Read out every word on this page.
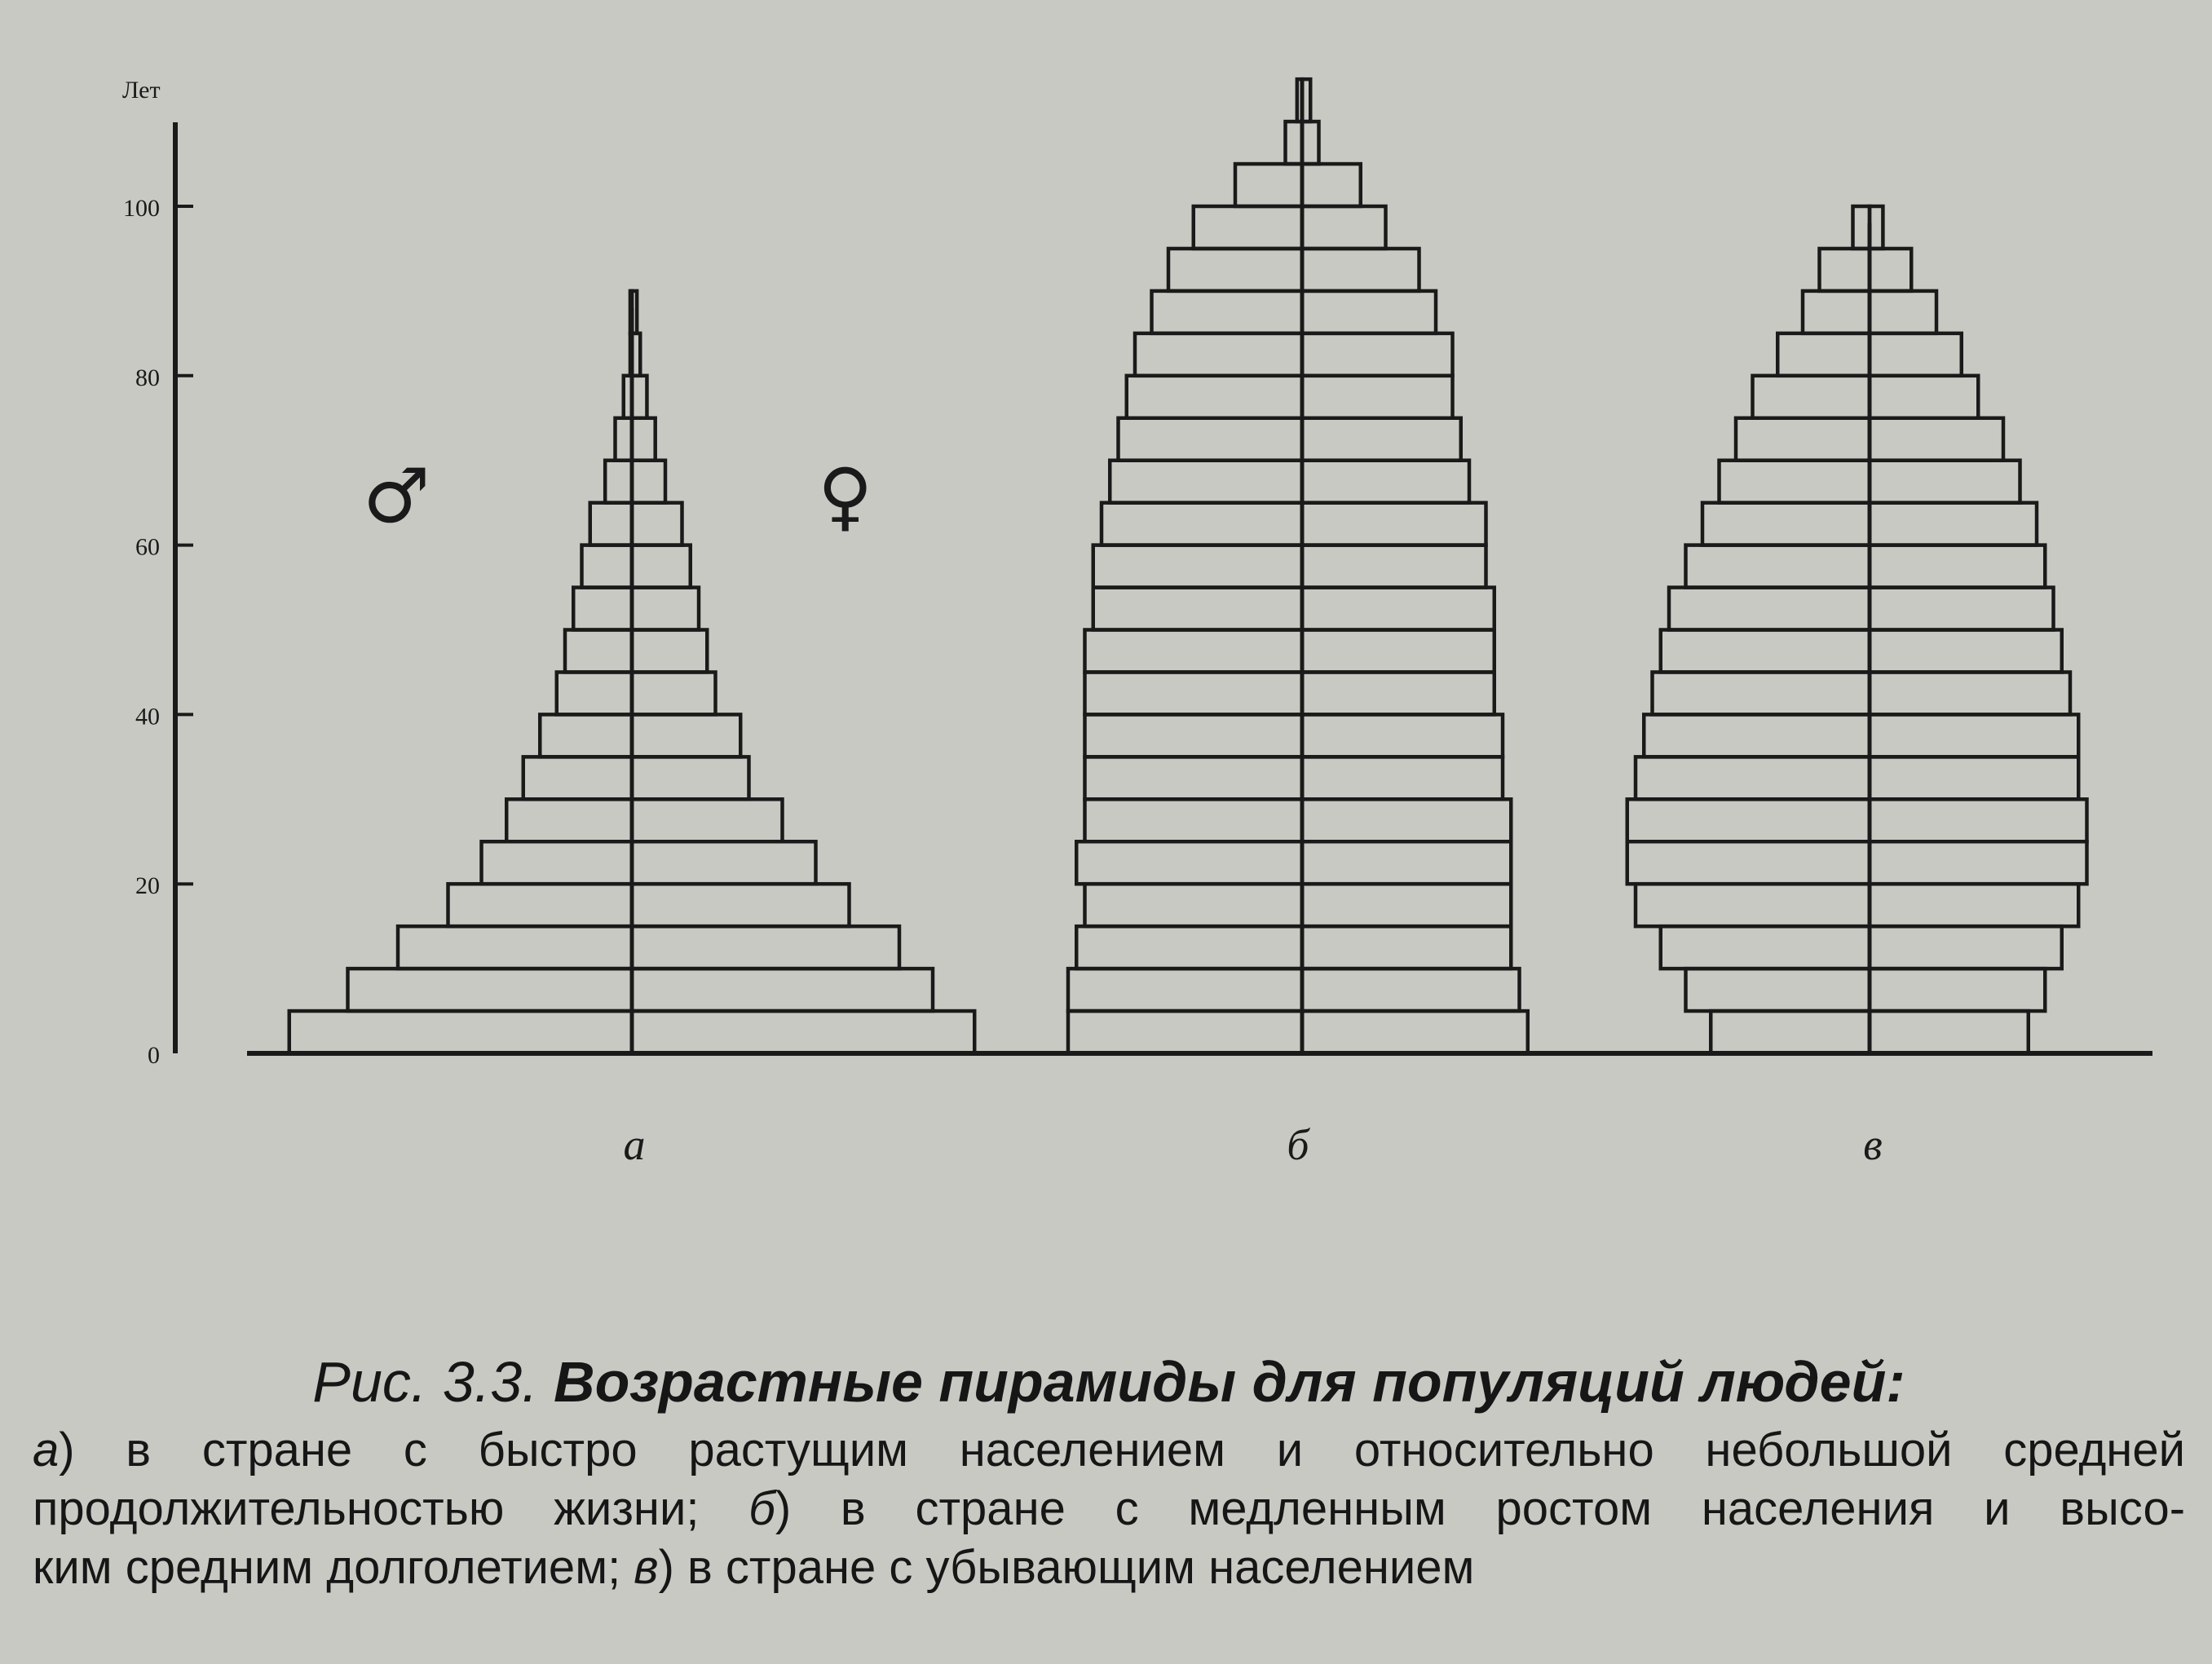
Лет
0
20
40
60
80
100
а	б	в
♂	♀
Рис. 3.3. Возрастные пирамиды для популяций людей:
а) в стране с быстро растущим населением и относительно небольшой средней
продолжительностью жизни; б) в стране с медленным ростом населения и высо-
ким средним долголетием; в) в стране с убывающим населением
